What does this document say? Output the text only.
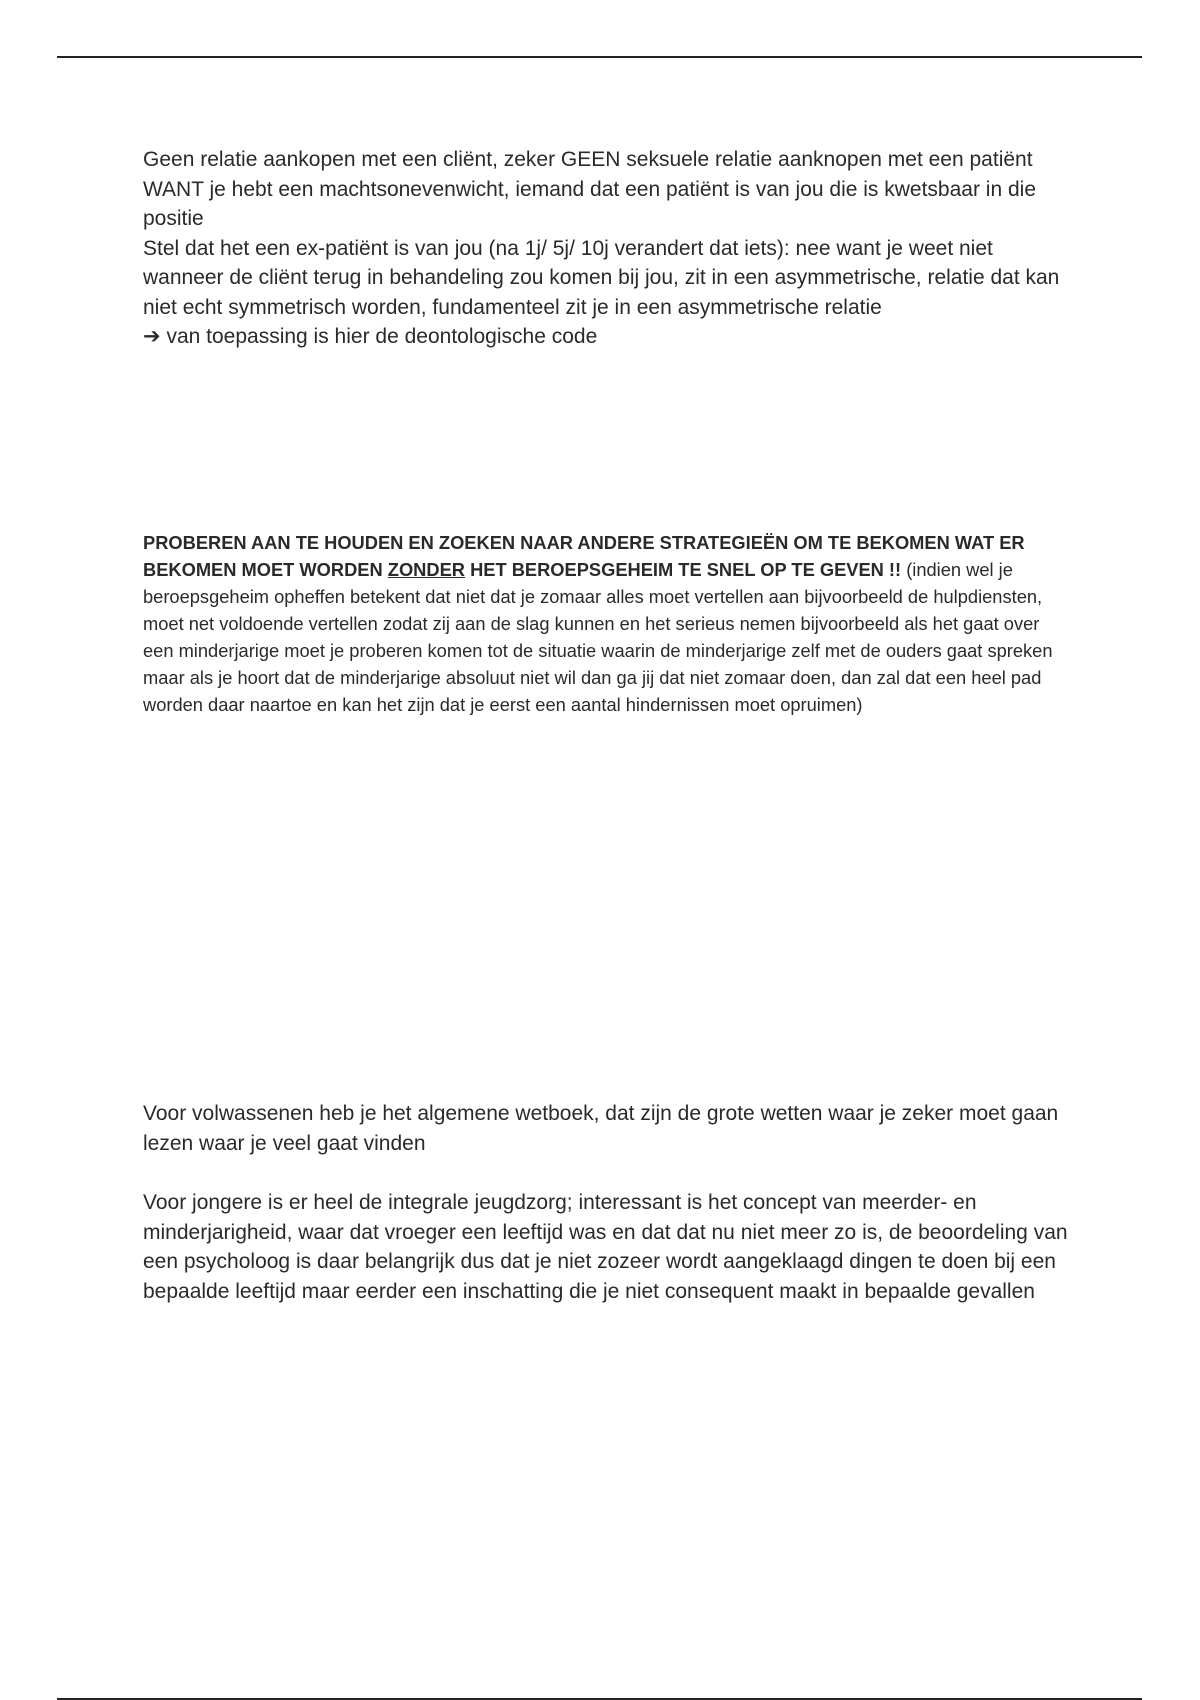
Geen relatie aankopen met een cliënt, zeker GEEN seksuele relatie aanknopen met een patiënt WANT je hebt een machtsonevenwicht, iemand dat een patiënt is van jou die is kwetsbaar in die positie

Stel dat het een ex-patiënt is van jou (na 1j/ 5j/ 10j verandert dat iets): nee want je weet niet wanneer de cliënt terug in behandeling zou komen bij jou, zit in een asymmetrische, relatie dat kan niet echt symmetrisch worden, fundamenteel zit je in een asymmetrische relatie

➔ van toepassing is hier de deontologische code

PROBEREN AAN TE HOUDEN EN ZOEKEN NAAR ANDERE STRATEGIEËN OM TE BEKOMEN WAT ER BEKOMEN MOET WORDEN ZONDER HET BEROEPSGEHEIM TE SNEL OP TE GEVEN !! (indien wel je beroepsgeheim opheffen betekent dat niet dat je zomaar alles moet vertellen aan bijvoorbeeld de hulpdiensten, moet net voldoende vertellen zodat zij aan de slag kunnen en het serieus nemen bijvoorbeeld als het gaat over een minderjarige moet je proberen komen tot de situatie waarin de minderjarige zelf met de ouders gaat spreken maar als je hoort dat de minderjarige absoluut niet wil dan ga jij dat niet zomaar doen, dan zal dat een heel pad worden daar naartoe en kan het zijn dat je eerst een aantal hindernissen moet opruimen)

Voor volwassenen heb je het algemene wetboek, dat zijn de grote wetten waar je zeker moet gaan lezen waar je veel gaat vinden

Voor jongere is er heel de integrale jeugdzorg; interessant is het concept van meerder- en minderjarigheid, waar dat vroeger een leeftijd was en dat dat nu niet meer zo is, de beoordeling van een psycholoog is daar belangrijk dus dat je niet zozeer wordt aangeklaagd dingen te doen bij een bepaalde leeftijd maar eerder een inschatting die je niet consequent maakt in bepaalde gevallen
